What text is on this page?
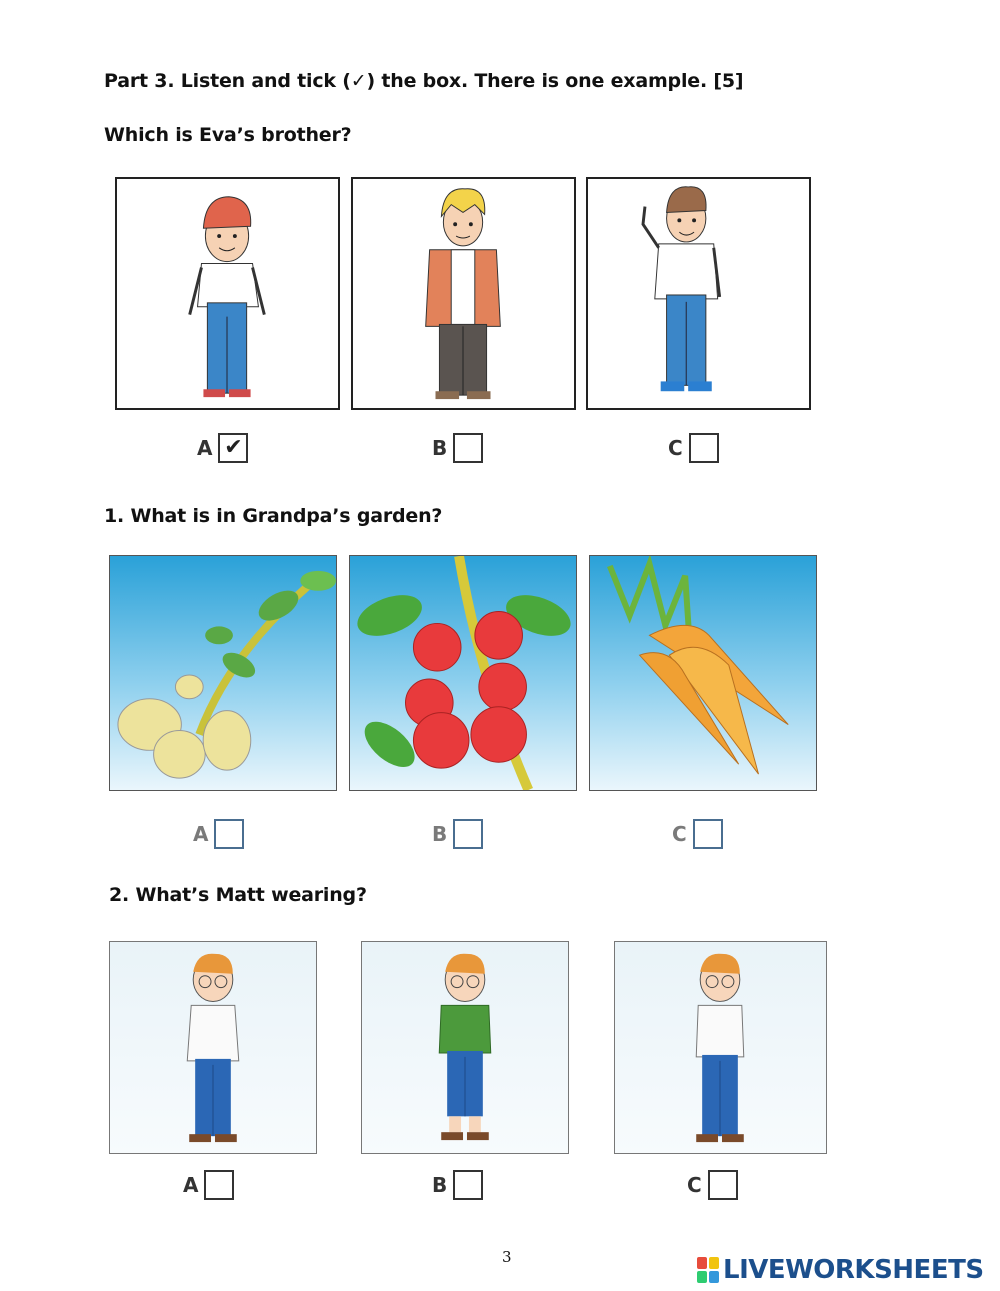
Part 3. Listen and tick (✓) the box. There is one example. [5]
Which is Eva’s brother?
A ✔	B	C
1. What is in Grandpa’s garden?
A	B	C
2. What’s Matt wearing?
A	B	C
3	LIVEWORKSHEETS
